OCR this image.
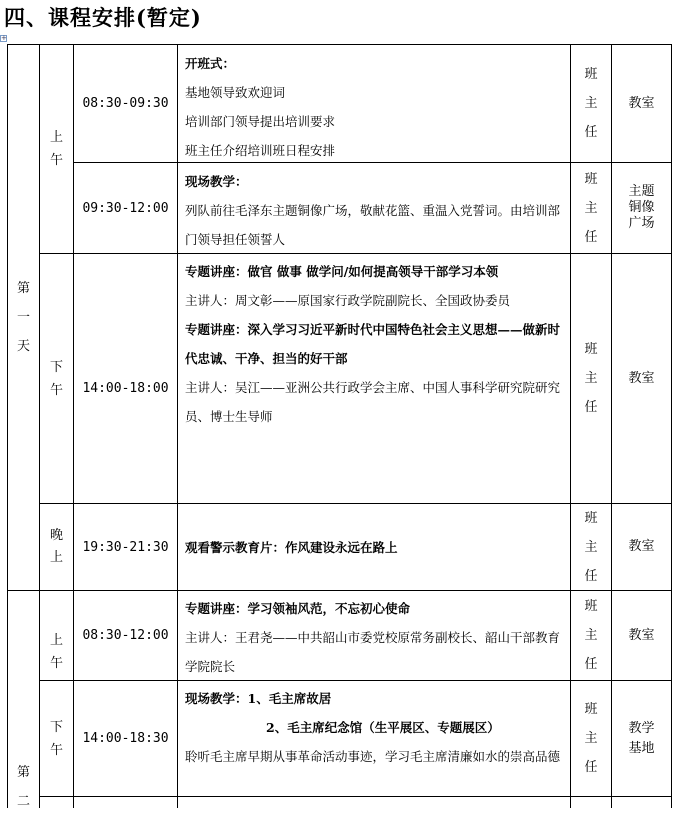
四、课程安排(暂定)
+
第一天
第二
上午
下午
晚上
上午
下午
08:30-09:30
09:30-12:00
14:00-18:00
19:30-21:30
08:30-12:00
14:00-18:30
开班式：
基地领导致欢迎词
培训部门领导提出培训要求
班主任介绍培训班日程安排
现场教学：
列队前往毛泽东主题铜像广场，敬献花篮、重温入党誓词。由培训部门领导担任领誓人
专题讲座：做官 做事 做学问/如何提高领导干部学习本领
主讲人：周文彰——原国家行政学院副院长、全国政协委员
专题讲座：深入学习习近平新时代中国特色社会主义思想——做新时代忠诚、干净、担当的好干部
主讲人：吴江——亚洲公共行政学会主席、中国人事科学研究院研究员、博士生导师
观看警示教育片：作风建设永远在路上
专题讲座：学习领袖风范，不忘初心使命
主讲人：王君尧——中共韶山市委党校原常务副校长、韶山干部教育学院院长
现场教学：1、毛主席故居
2、毛主席纪念馆（生平展区、专题展区）
聆听毛主席早期从事革命活动事迹，学习毛主席清廉如水的崇高品德
班主任
班主任
班主任
班主任
班主任
班主任
教室
主题铜像广场
教室
教室
教室
教学基地
